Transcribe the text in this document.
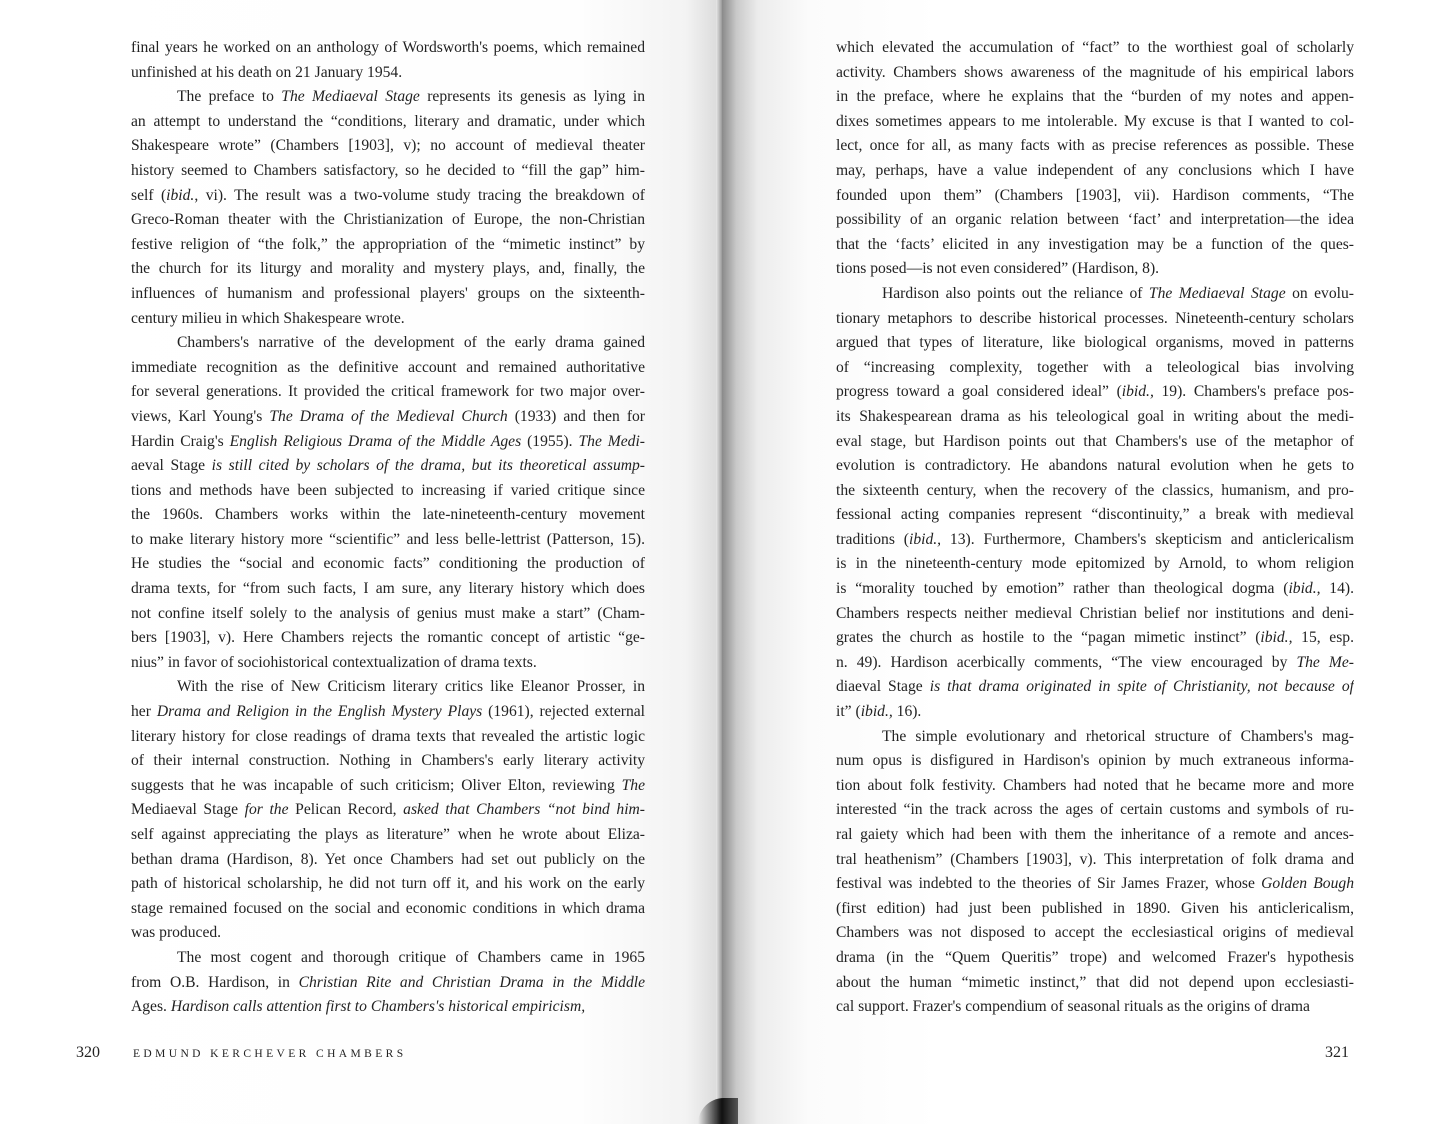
final years he worked on an anthology of Wordsworth's poems, which remained
unfinished at his death on 21 January 1954.
The preface to The Mediaeval Stage represents its genesis as lying in
an attempt to understand the “conditions, literary and dramatic, under which
Shakespeare wrote” (Chambers [1903], v); no account of medieval theater
history seemed to Chambers satisfactory, so he decided to “fill the gap” him-
self (ibid., vi). The result was a two-volume study tracing the breakdown of
Greco-Roman theater with the Christianization of Europe, the non-Christian
festive religion of “the folk,” the appropriation of the “mimetic instinct” by
the church for its liturgy and morality and mystery plays, and, finally, the
influences of humanism and professional players' groups on the sixteenth-
century milieu in which Shakespeare wrote.
Chambers's narrative of the development of the early drama gained
immediate recognition as the definitive account and remained authoritative
for several generations. It provided the critical framework for two major over-
views, Karl Young's The Drama of the Medieval Church (1933) and then for
Hardin Craig's English Religious Drama of the Middle Ages (1955). The Medi-
aeval Stage is still cited by scholars of the drama, but its theoretical assump-
tions and methods have been subjected to increasing if varied critique since
the 1960s. Chambers works within the late-nineteenth-century movement
to make literary history more “scientific” and less belle-lettrist (Patterson, 15).
He studies the “social and economic facts” conditioning the production of
drama texts, for “from such facts, I am sure, any literary history which does
not confine itself solely to the analysis of genius must make a start” (Cham-
bers [1903], v). Here Chambers rejects the romantic concept of artistic “ge-
nius” in favor of sociohistorical contextualization of drama texts.
With the rise of New Criticism literary critics like Eleanor Prosser, in
her Drama and Religion in the English Mystery Plays (1961), rejected external
literary history for close readings of drama texts that revealed the artistic logic
of their internal construction. Nothing in Chambers's early literary activity
suggests that he was incapable of such criticism; Oliver Elton, reviewing The
Mediaeval Stage for the Pelican Record, asked that Chambers “not bind him-
self against appreciating the plays as literature” when he wrote about Eliza-
bethan drama (Hardison, 8). Yet once Chambers had set out publicly on the
path of historical scholarship, he did not turn off it, and his work on the early
stage remained focused on the social and economic conditions in which drama
was produced.
The most cogent and thorough critique of Chambers came in 1965
from O.B. Hardison, in Christian Rite and Christian Drama in the Middle
Ages. Hardison calls attention first to Chambers's historical empiricism,
which elevated the accumulation of “fact” to the worthiest goal of scholarly
activity. Chambers shows awareness of the magnitude of his empirical labors
in the preface, where he explains that the “burden of my notes and appen-
dixes sometimes appears to me intolerable. My excuse is that I wanted to col-
lect, once for all, as many facts with as precise references as possible. These
may, perhaps, have a value independent of any conclusions which I have
founded upon them” (Chambers [1903], vii). Hardison comments, “The
possibility of an organic relation between ‘fact’ and interpretation—the idea
that the ‘facts’ elicited in any investigation may be a function of the ques-
tions posed—is not even considered” (Hardison, 8).
Hardison also points out the reliance of The Mediaeval Stage on evolu-
tionary metaphors to describe historical processes. Nineteenth-century scholars
argued that types of literature, like biological organisms, moved in patterns
of “increasing complexity, together with a teleological bias involving
progress toward a goal considered ideal” (ibid., 19). Chambers's preface pos-
its Shakespearean drama as his teleological goal in writing about the medi-
eval stage, but Hardison points out that Chambers's use of the metaphor of
evolution is contradictory. He abandons natural evolution when he gets to
the sixteenth century, when the recovery of the classics, humanism, and pro-
fessional acting companies represent “discontinuity,” a break with medieval
traditions (ibid., 13). Furthermore, Chambers's skepticism and anticlericalism
is in the nineteenth-century mode epitomized by Arnold, to whom religion
is “morality touched by emotion” rather than theological dogma (ibid., 14).
Chambers respects neither medieval Christian belief nor institutions and deni-
grates the church as hostile to the “pagan mimetic instinct” (ibid., 15, esp.
n. 49). Hardison acerbically comments, “The view encouraged by The Me-
diaeval Stage is that drama originated in spite of Christianity, not because of
it” (ibid., 16).
The simple evolutionary and rhetorical structure of Chambers's mag-
num opus is disfigured in Hardison's opinion by much extraneous informa-
tion about folk festivity. Chambers had noted that he became more and more
interested “in the track across the ages of certain customs and symbols of ru-
ral gaiety which had been with them the inheritance of a remote and ances-
tral heathenism” (Chambers [1903], v). This interpretation of folk drama and
festival was indebted to the theories of Sir James Frazer, whose Golden Bough
(first edition) had just been published in 1890. Given his anticlericalism,
Chambers was not disposed to accept the ecclesiastical origins of medieval
drama (in the “Quem Queritis” trope) and welcomed Frazer's hypothesis
about the human “mimetic instinct,” that did not depend upon ecclesiasti-
cal support. Frazer's compendium of seasonal rituals as the origins of drama
320	EDMUND KERCHEVER CHAMBERS	321
